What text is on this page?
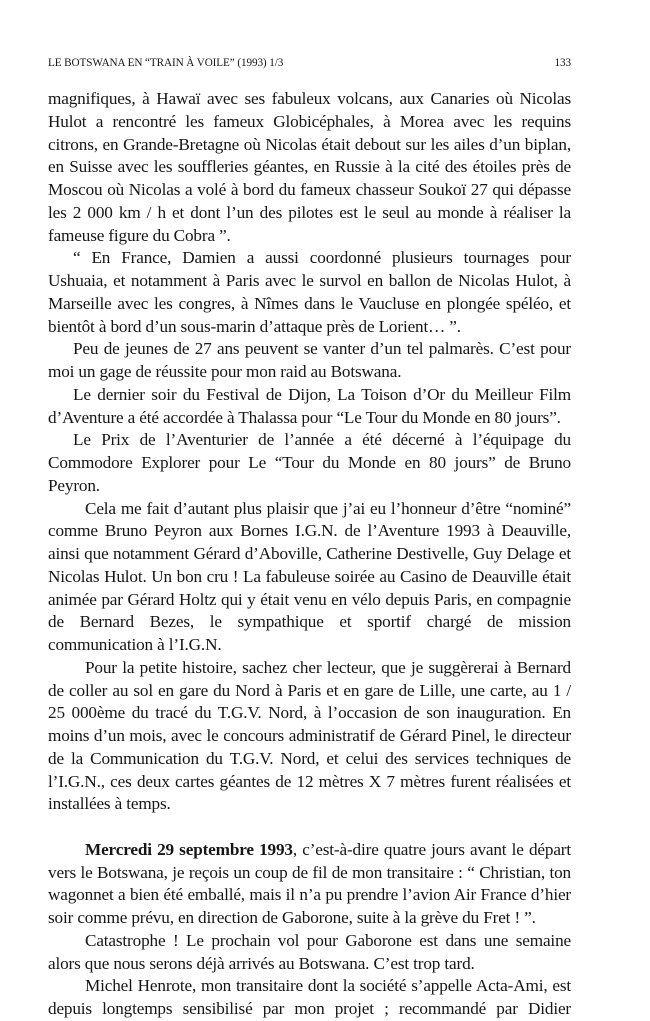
LE BOTSWANA EN “TRAIN À VOILE” (1993) 1/3	133

magnifiques, à Hawaï avec ses fabuleux volcans, aux Canaries où Nicolas Hulot a rencontré les fameux Globicéphales, à Morea avec les requins citrons, en Grande-Bretagne où Nicolas était debout sur les ailes d’un biplan, en Suisse avec les souffleries géantes, en Russie à la cité des étoiles près de Moscou où Nicolas a volé à bord du fameux chasseur Soukoï 27 qui dépasse les 2 000 km / h et dont l’un des pilotes est le seul au monde à réaliser la fameuse figure du Cobra ”.

“ En France, Damien a aussi coordonné plusieurs tournages pour Ushuaia, et notamment à Paris avec le survol en ballon de Nicolas Hulot, à Marseille avec les congres, à Nîmes dans le Vaucluse en plongée spéléo, et bientôt à bord d’un sous-marin d’attaque près de Lorient… ”.

Peu de jeunes de 27 ans peuvent se vanter d’un tel palmarès. C’est pour moi un gage de réussite pour mon raid au Botswana.

Le dernier soir du Festival de Dijon, La Toison d’Or du Meilleur Film d’Aventure a été accordée à Thalassa pour “Le Tour du Monde en 80 jours”.

Le Prix de l’Aventurier de l’année a été décerné à l’équipage du Commodore Explorer pour Le “Tour du Monde en 80 jours” de Bruno Peyron.

Cela me fait d’autant plus plaisir que j’ai eu l’honneur d’être “nominé” comme Bruno Peyron aux Bornes I.G.N. de l’Aventure 1993 à Deauville, ainsi que notamment Gérard d’Aboville, Catherine Destivelle, Guy Delage et Nicolas Hulot. Un bon cru ! La fabuleuse soirée au Casino de Deauville était animée par Gérard Holtz qui y était venu en vélo depuis Paris, en compagnie de Bernard Bezes, le sympathique et sportif chargé de mission communication à l’I.G.N.

Pour la petite histoire, sachez cher lecteur, que je suggèrerai à Bernard de coller au sol en gare du Nord à Paris et en gare de Lille, une carte, au 1 / 25 000ème du tracé du T.G.V. Nord, à l’occasion de son inauguration. En moins d’un mois, avec le concours administratif de Gérard Pinel, le directeur de la Communication du T.G.V. Nord, et celui des services techniques de l’I.G.N., ces deux cartes géantes de 12 mètres X 7 mètres furent réalisées et installées à temps.

Mercredi 29 septembre 1993, c’est-à-dire quatre jours avant le départ vers le Botswana, je reçois un coup de fil de mon transitaire : “ Christian, ton wagonnet a bien été emballé, mais il n’a pu prendre l’avion Air France d’hier soir comme prévu, en direction de Gaborone, suite à la grève du Fret ! ”.

Catastrophe ! Le prochain vol pour Gaborone est dans une semaine alors que nous serons déjà arrivés au Botswana. C’est trop tard.

Michel Henrote, mon transitaire dont la société s’appelle Acta-Ami, est depuis longtemps sensibilisé par mon projet ; recommandé par Didier
